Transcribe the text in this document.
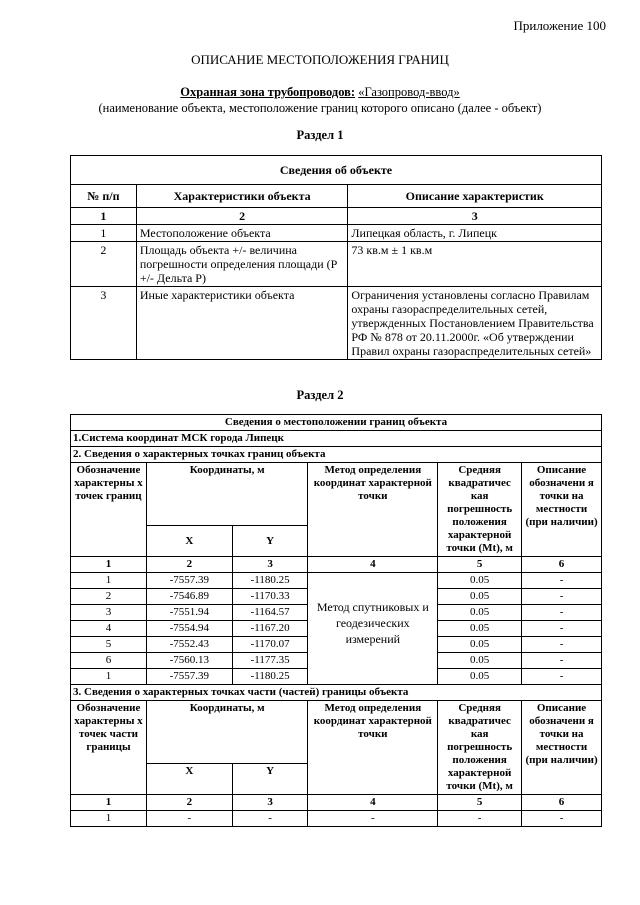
Приложение 100
ОПИСАНИЕ МЕСТОПОЛОЖЕНИЯ ГРАНИЦ
Охранная зона трубопроводов: «Газопровод-ввод»
(наименование объекта, местоположение границ которого описано (далее - объект)
Раздел 1
Сведения об объекте		
№ п/п	Характеристики объекта	Описание характеристик
1	2	3
1	Местоположение объекта	Липецкая область, г. Липецк
2	Площадь объекта +/- величина погрешности определения площади (P +/- Дельта P)	73 кв.м ± 1 кв.м
3	Иные характеристики объекта	Ограничения установлены согласно Правилам охраны газораспределительных сетей, утвержденных Постановлением Правительства РФ № 878 от 20.11.2000г. «Об утверждении Правил охраны газораспределительных сетей»
Раздел 2
Сведения о местоположении границ объекта					
1.Система координат МСК города Липецк					
2. Сведения о характерных точках границ объекта					
Обозначение характерны х точек границ	Координаты, м		Метод определения координат характерной точки	Средняя квадратичес кая погрешность положения характерной точки (Mt), м	Описание обозначени я точки на местности (при наличии)
	X	Y			
1	2	3	4	5	6
1	-7557.39	-1180.25	Метод спутниковых и геодезических измерений	0.05	-
2	-7546.89	-1170.33		0.05	-
3	-7551.94	-1164.57		0.05	-
4	-7554.94	-1167.20		0.05	-
5	-7552.43	-1170.07		0.05	-
6	-7560.13	-1177.35		0.05	-
1	-7557.39	-1180.25		0.05	-
3. Сведения о характерных точках части (частей) границы объекта					
Обозначение характерны х точек части границы	Координаты, м		Метод определения координат характерной точки	Средняя квадратичес кая погрешность положения характерной точки (Mt), м	Описание обозначени я точки на местности (при наличии)
	X	Y			
1	2	3	4	5	6
1	-	-	-	-	-
